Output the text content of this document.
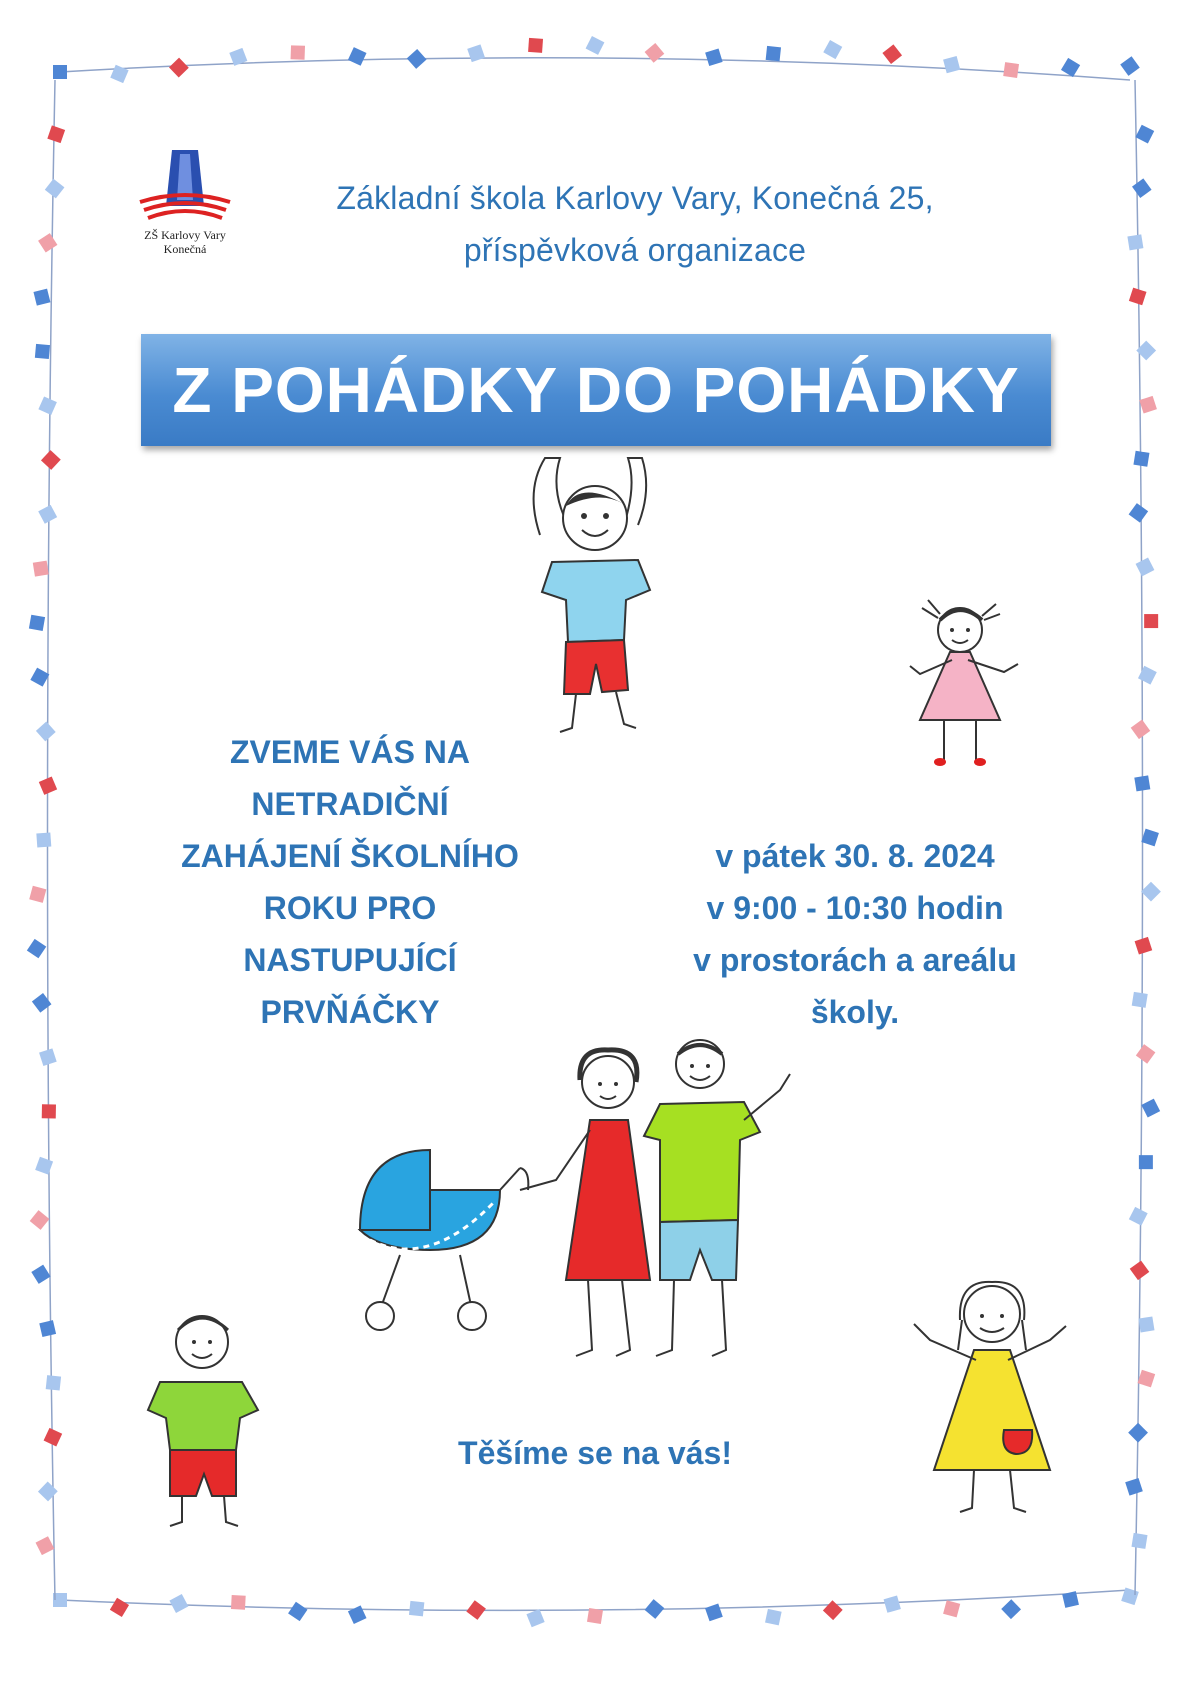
ZŠ Karlovy Vary
Konečná
Základní škola Karlovy Vary, Konečná 25,
příspěvková organizace
Z POHÁDKY DO POHÁDKY
ZVEME VÁS NA
NETRADIČNÍ
ZAHÁJENÍ ŠKOLNÍHO
ROKU PRO
NASTUPUJÍCÍ
PRVŇÁČKY
v pátek 30. 8. 2024
v 9:00 - 10:30 hodin
v prostorách a areálu
školy.
Těšíme se na vás!
